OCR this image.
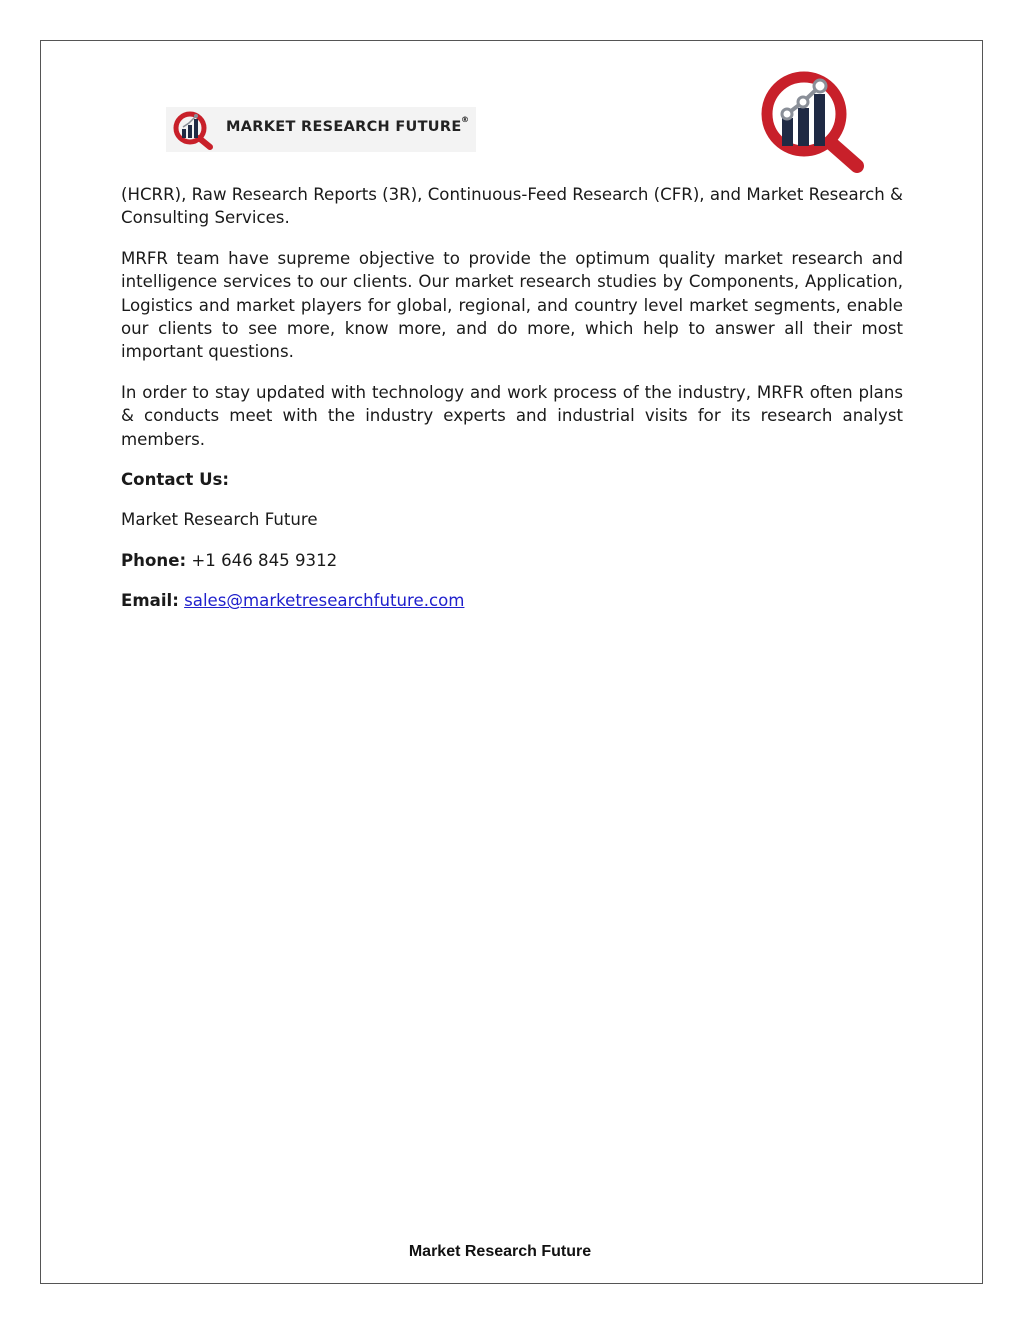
MARKET RESEARCH FUTURE ®

(HCRR), Raw Research Reports (3R), Continuous-Feed Research (CFR), and Market Research & Consulting Services.

MRFR team have supreme objective to provide the optimum quality market research and intelligence services to our clients. Our market research studies by Components, Application, Logistics and market players for global, regional, and country level market segments, enable our clients to see more, know more, and do more, which help to answer all their most important questions.

In order to stay updated with technology and work process of the industry, MRFR often plans & conducts meet with the industry experts and industrial visits for its research analyst members.

Contact Us:

Market Research Future

Phone: +1 646 845 9312

Email: sales@marketresearchfuture.com

Market Research Future
